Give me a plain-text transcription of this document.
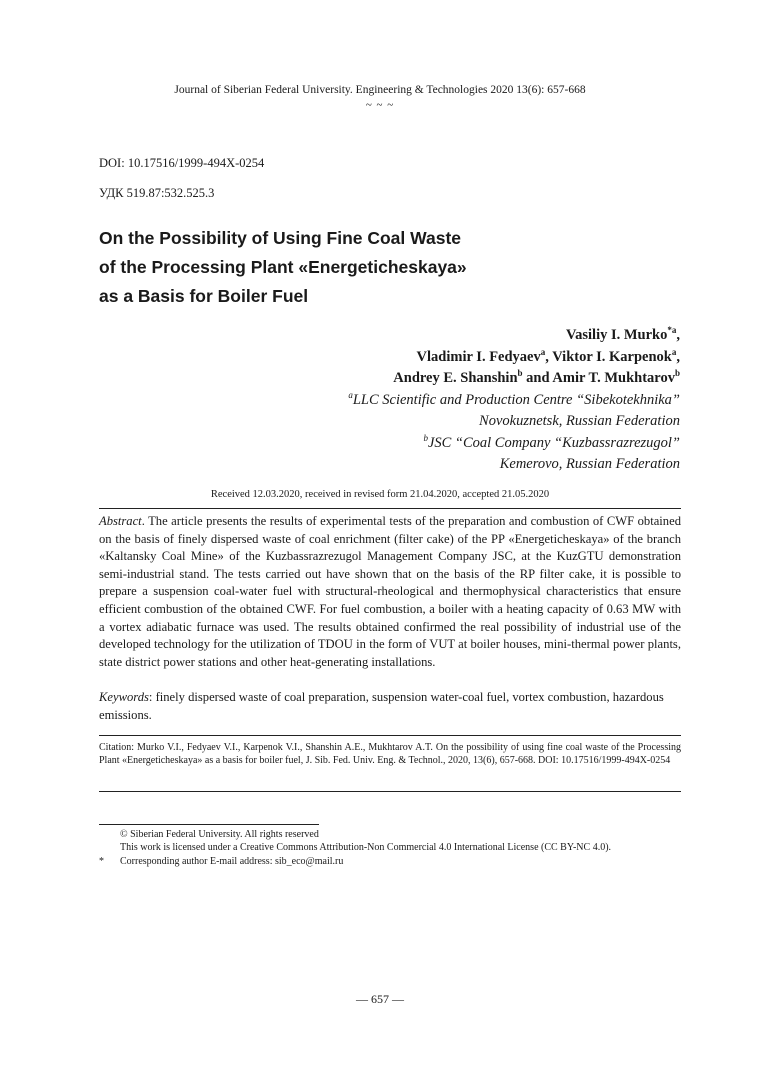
Journal of Siberian Federal University. Engineering & Technologies 2020 13(6): 657-668
~ ~ ~
DOI: 10.17516/1999-494X-0254
УДК 519.87:532.525.3
On the Possibility of Using Fine Coal Waste
of the Processing Plant «Energeticheskaya»
as a Basis for Boiler Fuel
Vasiliy I. Murko$^{*a}$,
Vladimir I. Fedyaev$^a$, Viktor I. Karpenok$^a$,
Andrey E. Shanshin$^b$ and Amir T. Mukhtarov$^b$
$^a$LLC Scientific and Production Centre “Sibekotekhnika”
Novokuznetsk, Russian Federation
$^b$JSC “Coal Company “Kuzbassrazrezugol”
Kemerovo, Russian Federation
Received 12.03.2020, received in revised form 21.04.2020, accepted 21.05.2020
Abstract. The article presents the results of experimental tests of the preparation and combustion of CWF obtained on the basis of finely dispersed waste of coal enrichment (filter cake) of the PP «Energeticheskaya» of the branch «Kaltansky Coal Mine» of the Kuzbassrazrezugol Management Company JSC, at the KuzGTU demonstration semi-industrial stand. The tests carried out have shown that on the basis of the RP filter cake, it is possible to prepare a suspension coal-water fuel with structural-rheological and thermophysical characteristics that ensure efficient combustion of the obtained CWF. For fuel combustion, a boiler with a heating capacity of 0.63 MW with a vortex adiabatic furnace was used. The results obtained confirmed the real possibility of industrial use of the developed technology for the utilization of TDOU in the form of VUT at boiler houses, mini-thermal power plants, state district power stations and other heat-generating installations.
Keywords: finely dispersed waste of coal preparation, suspension water-coal fuel, vortex combustion, hazardous emissions.
Citation: Murko V.I., Fedyaev V.I., Karpenok V.I., Shanshin A.E., Mukhtarov A.T. On the possibility of using fine coal waste of the Processing Plant «Energeticheskaya» as a basis for boiler fuel, J. Sib. Fed. Univ. Eng. & Technol., 2020, 13(6), 657-668. DOI: 10.17516/1999-494X-0254
© Siberian Federal University. All rights reserved
This work is licensed under a Creative Commons Attribution-Non Commercial 4.0 International License (CC BY-NC 4.0).
* Corresponding author E-mail address: sib_eco@mail.ru
— 657 —
